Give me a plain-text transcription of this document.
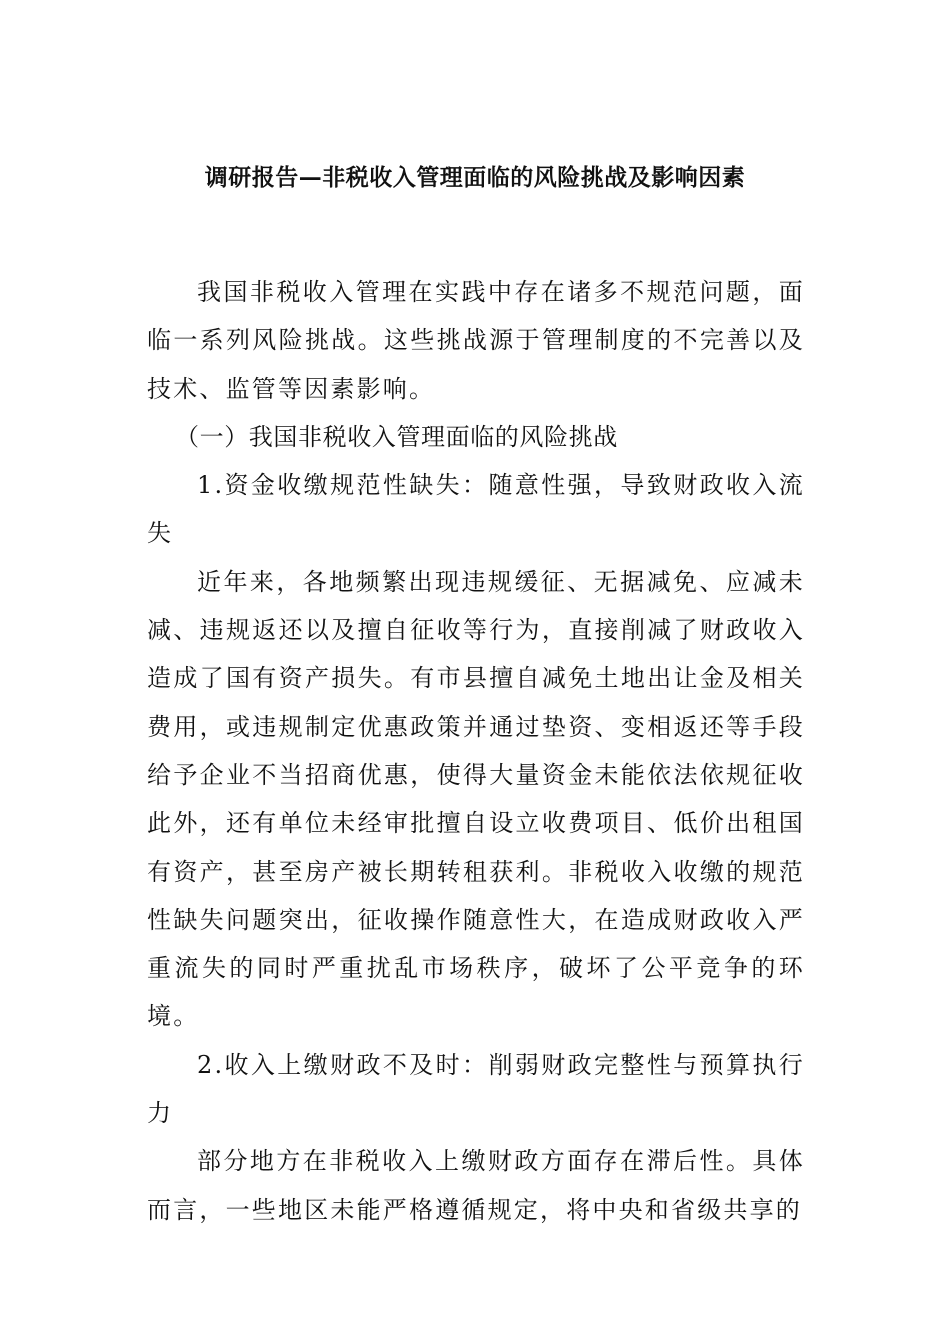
调研报告—非税收入管理面临的风险挑战及影响因素

我国非税收入管理在实践中存在诸多不规范问题，面临一系列风险挑战。这些挑战源于管理制度的不完善以及技术、监管等因素影响。

（一）我国非税收入管理面临的风险挑战

1.资金收缴规范性缺失：随意性强，导致财政收入流失

近年来，各地频繁出现违规缓征、无据减免、应减未减、违规返还以及擅自征收等行为，直接削减了财政收入造成了国有资产损失。有市县擅自减免土地出让金及相关费用，或违规制定优惠政策并通过垫资、变相返还等手段给予企业不当招商优惠，使得大量资金未能依法依规征收此外，还有单位未经审批擅自设立收费项目、低价出租国有资产，甚至房产被长期转租获利。非税收入收缴的规范性缺失问题突出，征收操作随意性大，在造成财政收入严重流失的同时严重扰乱市场秩序，破坏了公平竞争的环境。

2.收入上缴财政不及时：削弱财政完整性与预算执行力

部分地方在非税收入上缴财政方面存在滞后性。具体而言，一些地区未能严格遵循规定，将中央和省级共享的
